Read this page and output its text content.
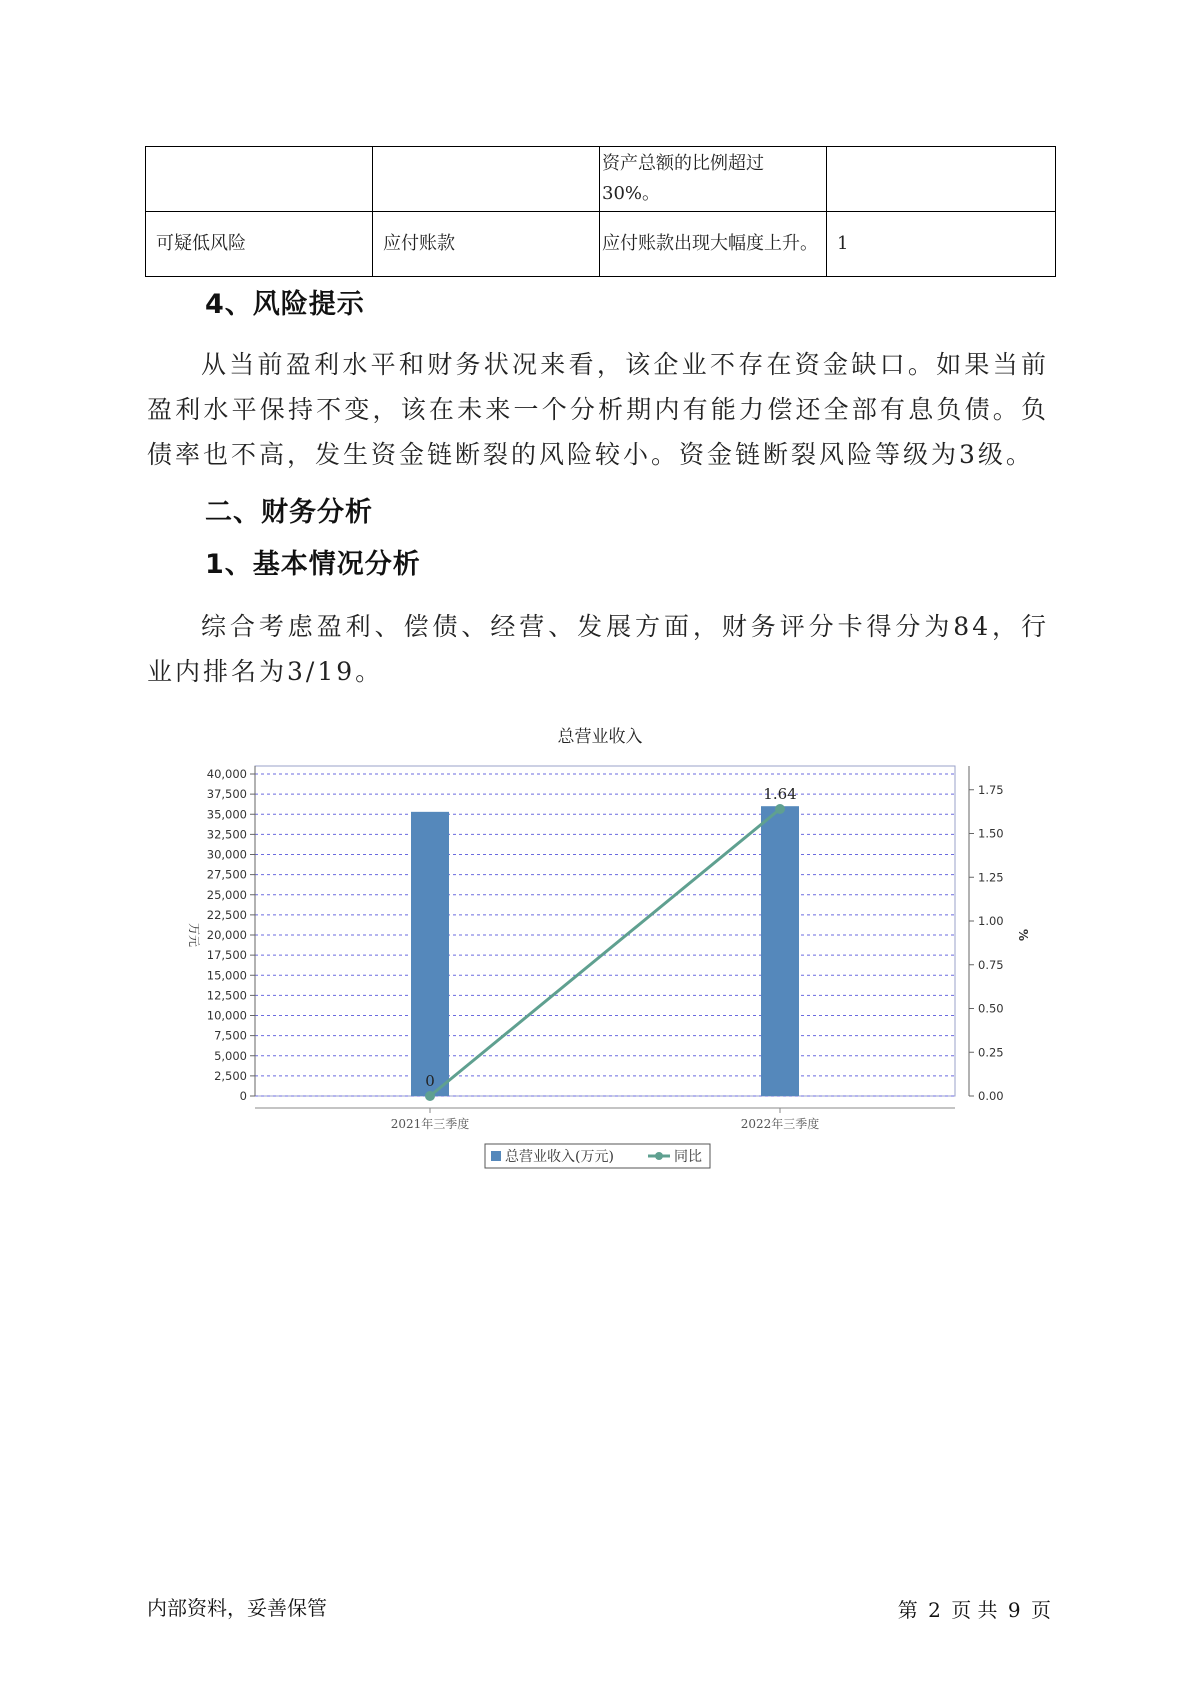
		资产总额的比例超过30%。	
可疑低风险	应付账款	应付账款出现大幅度上升。	1
4、风险提示

从当前盈利水平和财务状况来看，该企业不存在资金缺口。如果当前盈利水平保持不变，该在未来一个分析期内有能力偿还全部有息负债。负债率也不高，发生资金链断裂的风险较小。资金链断裂风险等级为3级。

二、财务分析
1、基本情况分析

综合考虑盈利、偿债、经营、发展方面，财务评分卡得分为84，行业内排名为3/19。

总营业收入
0
2,500
5,000
7,500
10,000
12,500
15,000
17,500
20,000
22,500
25,000
27,500
30,000
32,500
35,000
37,500
40,000
0.00
0.25
0.50
0.75
1.00
1.25
1.50
1.75
万元	%
2021年三季度	2022年三季度
0
1.64
总营业收入(万元)	同比
内部资料，妥善保管	第 2 页 共 9 页
